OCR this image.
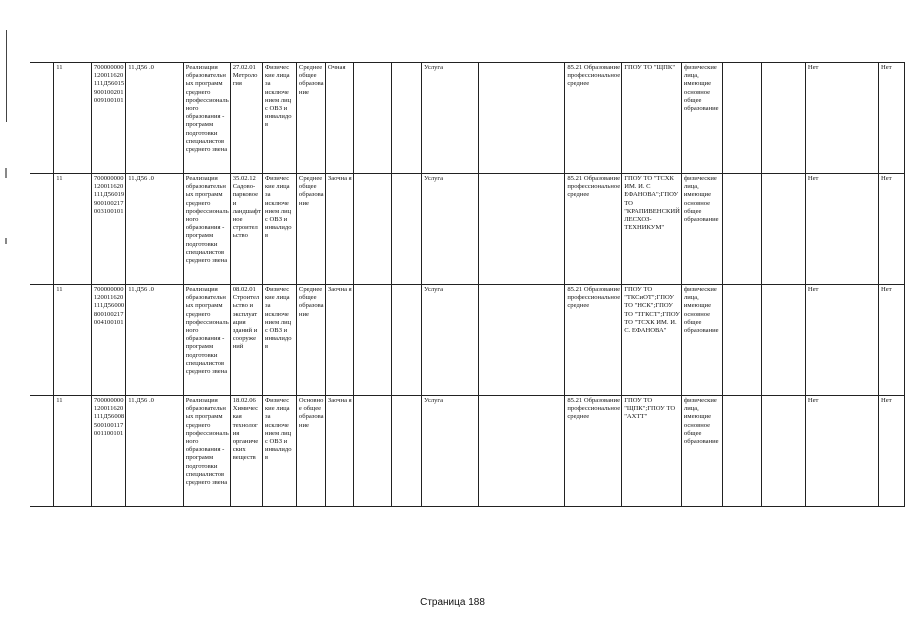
	11	700000000 120011620 111Д56015 900100201 009100101	11.Д56 .0	Реализация образовательн ых программ среднего профессиональ ного образования - программ подготовки специалистов среднего звена	27.02.01 Метроло гия	Физичес кие лица за исключе нием лиц с ОВЗ и инвалидо в	Среднее общее образова ние	Очная			Услуга		85.21 Образование профессиональное среднее	ГПОУ ТО "ЩПК"	физические лица, имеющие основное общее образование			Нет	Нет
	11	700000000 120011620 111Д56019 900100217 003100101	11.Д56 .0	Реализация образовательн ых программ среднего профессиональ ного образования - программ подготовки специалистов среднего звена	35.02.12 Садово- парковое и ландшафт ное строител ьство	Физичес кие лица за исключе нием лиц с ОВЗ и инвалидо в	Среднее общее образова ние	Заочна я			Услуга		85.21 Образование профессиональное среднее	ГПОУ ТО "ТСХК ИМ. И. С ЕФАНОВА";ГПОУ ТО "КРАПИВЕНСКИЙ ЛЕСХОЗ-ТЕХНИКУМ"	физические лица, имеющие основное общее образование			Нет	Нет
	11	700000000 120011620 111Д56000 800100217 004100101	11.Д56 .0	Реализация образовательн ых программ среднего профессиональ ного образования - программ подготовки специалистов среднего звена	08.02.01 Строител ьство и эксплуат ация зданий и сооруже ний	Физичес кие лица за исключе нием лиц с ОВЗ и инвалидо в	Среднее общее образова ние	Заочна я			Услуга		85.21 Образование профессиональное среднее	ГПОУ ТО "ТКСиОТ";ГПОУ ТО "НСК";ГПОУ ТО "ТГКСТ";ГПОУ ТО "ТСХК ИМ. И. С. ЕФАНОВА"	физические лица, имеющие основное общее образование			Нет	Нет
	11	700000000 120011620 111Д56008 500100117 001100101	11.Д56 .0	Реализация образовательн ых программ среднего профессиональ ного образования - программ подготовки специалистов среднего звена	18.02.06 Химичес кая технолог ия органиче ских веществ	Физичес кие лица за исключе нием лиц с ОВЗ и инвалидо в	Основно е общее образова ние	Заочна я			Услуга		85.21 Образование профессиональное среднее	ГПОУ ТО "ЩПК";ГПОУ ТО "АХТТ"	физические лица, имеющие основное общее образование			Нет	Нет
Страница 188
